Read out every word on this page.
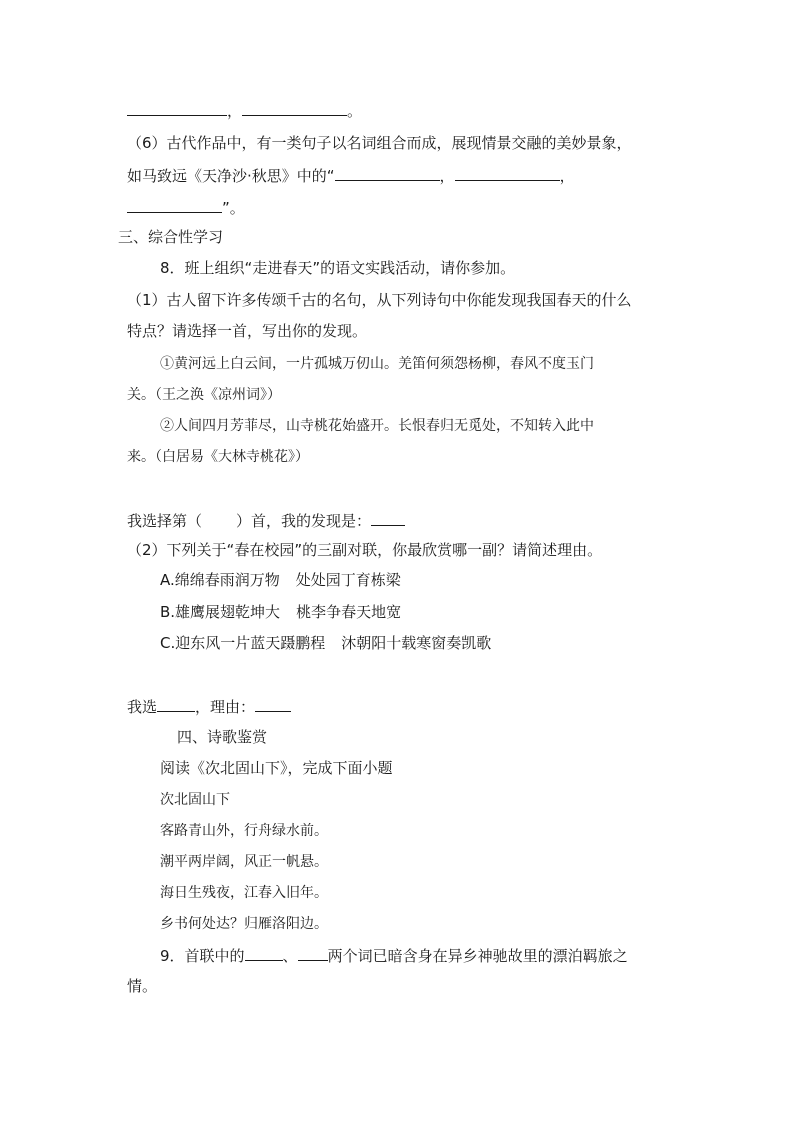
，	。
（6）古代作品中，有一类句子以名词组合而成，展现情景交融的美妙景象，
如马致远《天净沙·秋思》中的“	，	，
”。
三、综合性学习
8．班上组织“走进春天”的语文实践活动，请你参加。
（1）古人留下许多传颂千古的名句，从下列诗句中你能发现我国春天的什么
特点？请选择一首，写出你的发现。
①黄河远上白云间，一片孤城万仞山。羌笛何须怨杨柳，春风不度玉门
关。（王之涣《凉州词》）
②人间四月芳菲尽，山寺桃花始盛开。长恨春归无觅处，不知转入此中
来。（白居易《大林寺桃花》）
我选择第（ ）首，我的发现是：
（2）下列关于“春在校园”的三副对联，你最欣赏哪一副？请简述理由。
A.绵绵春雨润万物 处处园丁育栋梁
B.雄鹰展翅乾坤大 桃李争春天地宽
C.迎东风一片蓝天蹑鹏程 沐朝阳十载寒窗奏凯歌
我选	，理由：
四、诗歌鉴赏
阅读《次北固山下》，完成下面小题
次北固山下
客路青山外，行舟绿水前。
潮平两岸阔，风正一帆悬。
海日生残夜，江春入旧年。
乡书何处达？归雁洛阳边。
9．首联中的	、 两个词已暗含身在异乡神驰故里的漂泊羁旅之
情。
